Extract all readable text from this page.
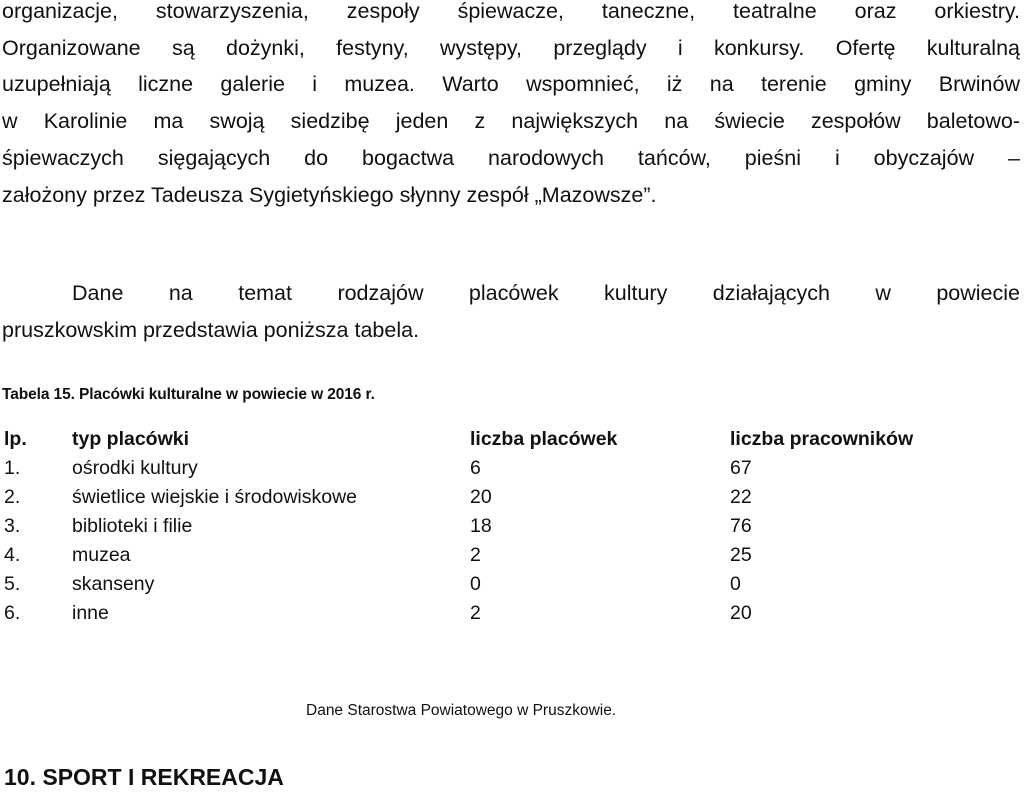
organizacje, stowarzyszenia, zespoły śpiewacze, taneczne, teatralne oraz orkiestry.
Organizowane są dożynki, festyny, występy, przeglądy i konkursy. Ofertę kulturalną
uzupełniają liczne galerie i muzea. Warto wspomnieć, iż na terenie gminy Brwinów
w Karolinie ma swoją siedzibę jeden z największych na świecie zespołów baletowo-
śpiewaczych sięgających do bogactwa narodowych tańców, pieśni i obyczajów –
założony przez Tadeusza Sygietyńskiego słynny zespół „Mazowsze”.

Dane na temat rodzajów placówek kultury działających w powiecie
pruszkowskim przedstawia poniższa tabela.

Tabela 15. Placówki kulturalne w powiecie w 2016 r.
lp.	typ placówki	liczba placówek	liczba pracowników
1.	ośrodki kultury	6	67
2.	świetlice wiejskie i środowiskowe	20	22
3.	biblioteki i filie	18	76
4.	muzea	2	25
5.	skanseny	0	0
6.	inne	2	20
Dane Starostwa Powiatowego w Pruszkowie.
10. SPORT I REKREACJA
